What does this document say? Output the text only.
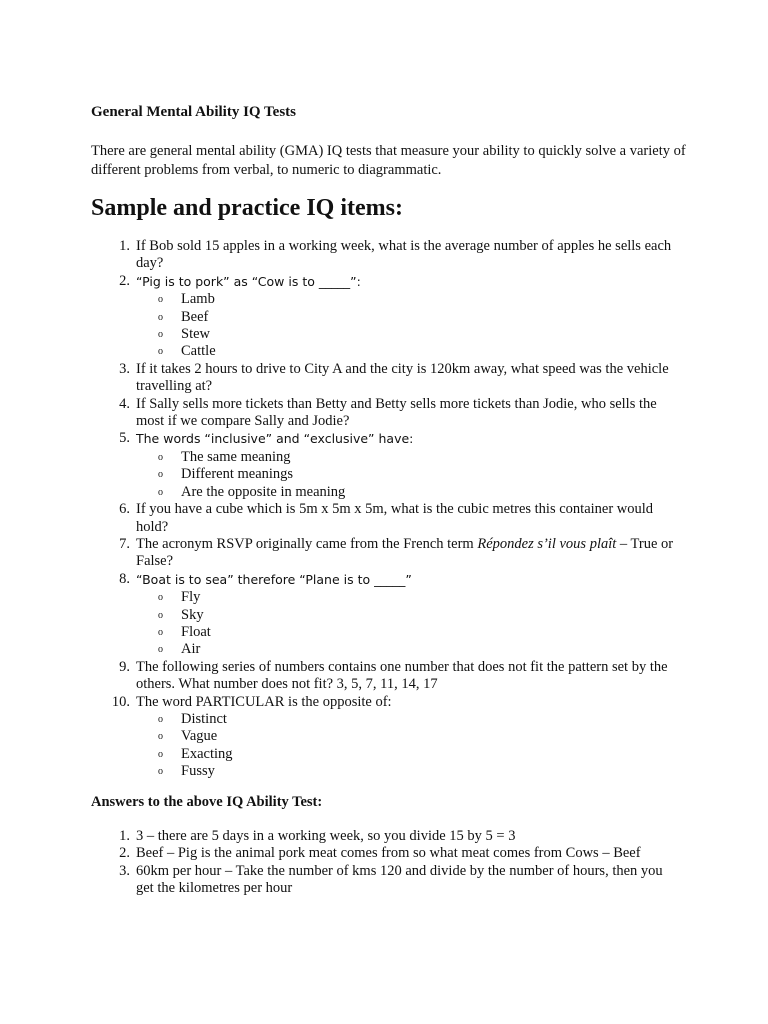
General Mental Ability IQ Tests

There are general mental ability (GMA) IQ tests that measure your ability to quickly solve a variety of different problems from verbal, to numeric to diagrammatic.

Sample and practice IQ items:
1. If Bob sold 15 apples in a working week, what is the average number of apples he sells each day?
2. “Pig is to pork” as “Cow is to _____”:
o Lamb
o Beef
o Stew
o Cattle
3. If it takes 2 hours to drive to City A and the city is 120km away, what speed was the vehicle travelling at?
4. If Sally sells more tickets than Betty and Betty sells more tickets than Jodie, who sells the most if we compare Sally and Jodie?
5. The words “inclusive” and “exclusive” have:
o The same meaning
o Different meanings
o Are the opposite in meaning
6. If you have a cube which is 5m x 5m x 5m, what is the cubic metres this container would hold?
7. The acronym RSVP originally came from the French term Répondez s’il vous plaît – True or False?
8. “Boat is to sea” therefore “Plane is to _____”
o Fly
o Sky
o Float
o Air
9. The following series of numbers contains one number that does not fit the pattern set by the others. What number does not fit? 3, 5, 7, 11, 14, 17
10. The word PARTICULAR is the opposite of:
o Distinct
o Vague
o Exacting
o Fussy
Answers to the above IQ Ability Test:
1. 3 – there are 5 days in a working week, so you divide 15 by 5 = 3
2. Beef – Pig is the animal pork meat comes from so what meat comes from Cows – Beef
3. 60km per hour – Take the number of kms 120 and divide by the number of hours, then you get the kilometres per hour
